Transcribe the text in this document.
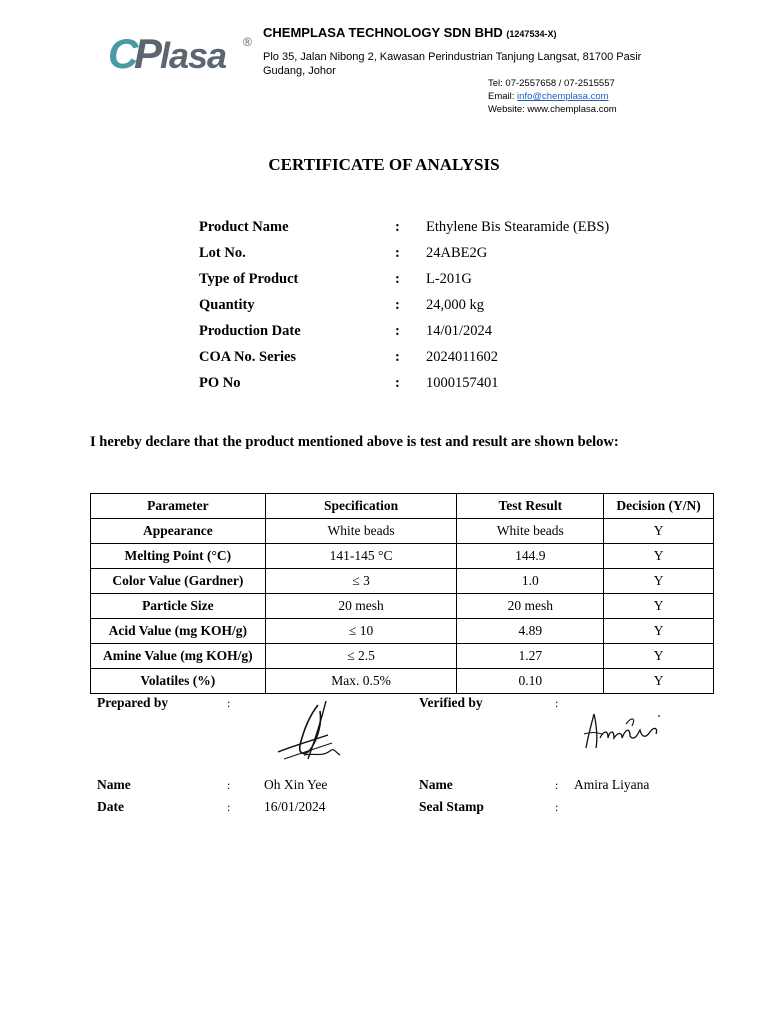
C
P lasa ®
CHEMPLASA TECHNOLOGY SDN BHD (1247534-X)
Plo 35, Jalan Nibong 2, Kawasan Perindustrian Tanjung Langsat, 81700 Pasir Gudang, Johor
Tel: 07-2557658 / 07-2515557
Email: info@chemplasa.com
Website: www.chemplasa.com
CERTIFICATE OF ANALYSIS
Product Name	: Ethylene Bis Stearamide (EBS)
Lot No.	: 24ABE2G
Type of Product	: L-201G
Quantity	: 24,000 kg
Production Date	: 14/01/2024
COA No. Series	: 2024011602
PO No	: 1000157401
I hereby declare that the product mentioned above is test and result are shown below:
Parameter	Specification	Test Result	Decision (Y/N)
Appearance	White beads	White beads	Y
Melting Point (°C)	141-145 °C	144.9	Y
Color Value (Gardner)	≤ 3	1.0	Y
Particle Size	20 mesh	20 mesh	Y
Acid Value (mg KOH/g)	≤ 10	4.89	Y
Amine Value (mg KOH/g)	≤ 2.5	1.27	Y
Volatiles (%)	Max. 0.5%	0.10	Y
Prepared by	:	Verified by	:
Name	: Oh Xin Yee	Name	: Amira Liyana
Date	: 16/01/2024	Seal Stamp	:
